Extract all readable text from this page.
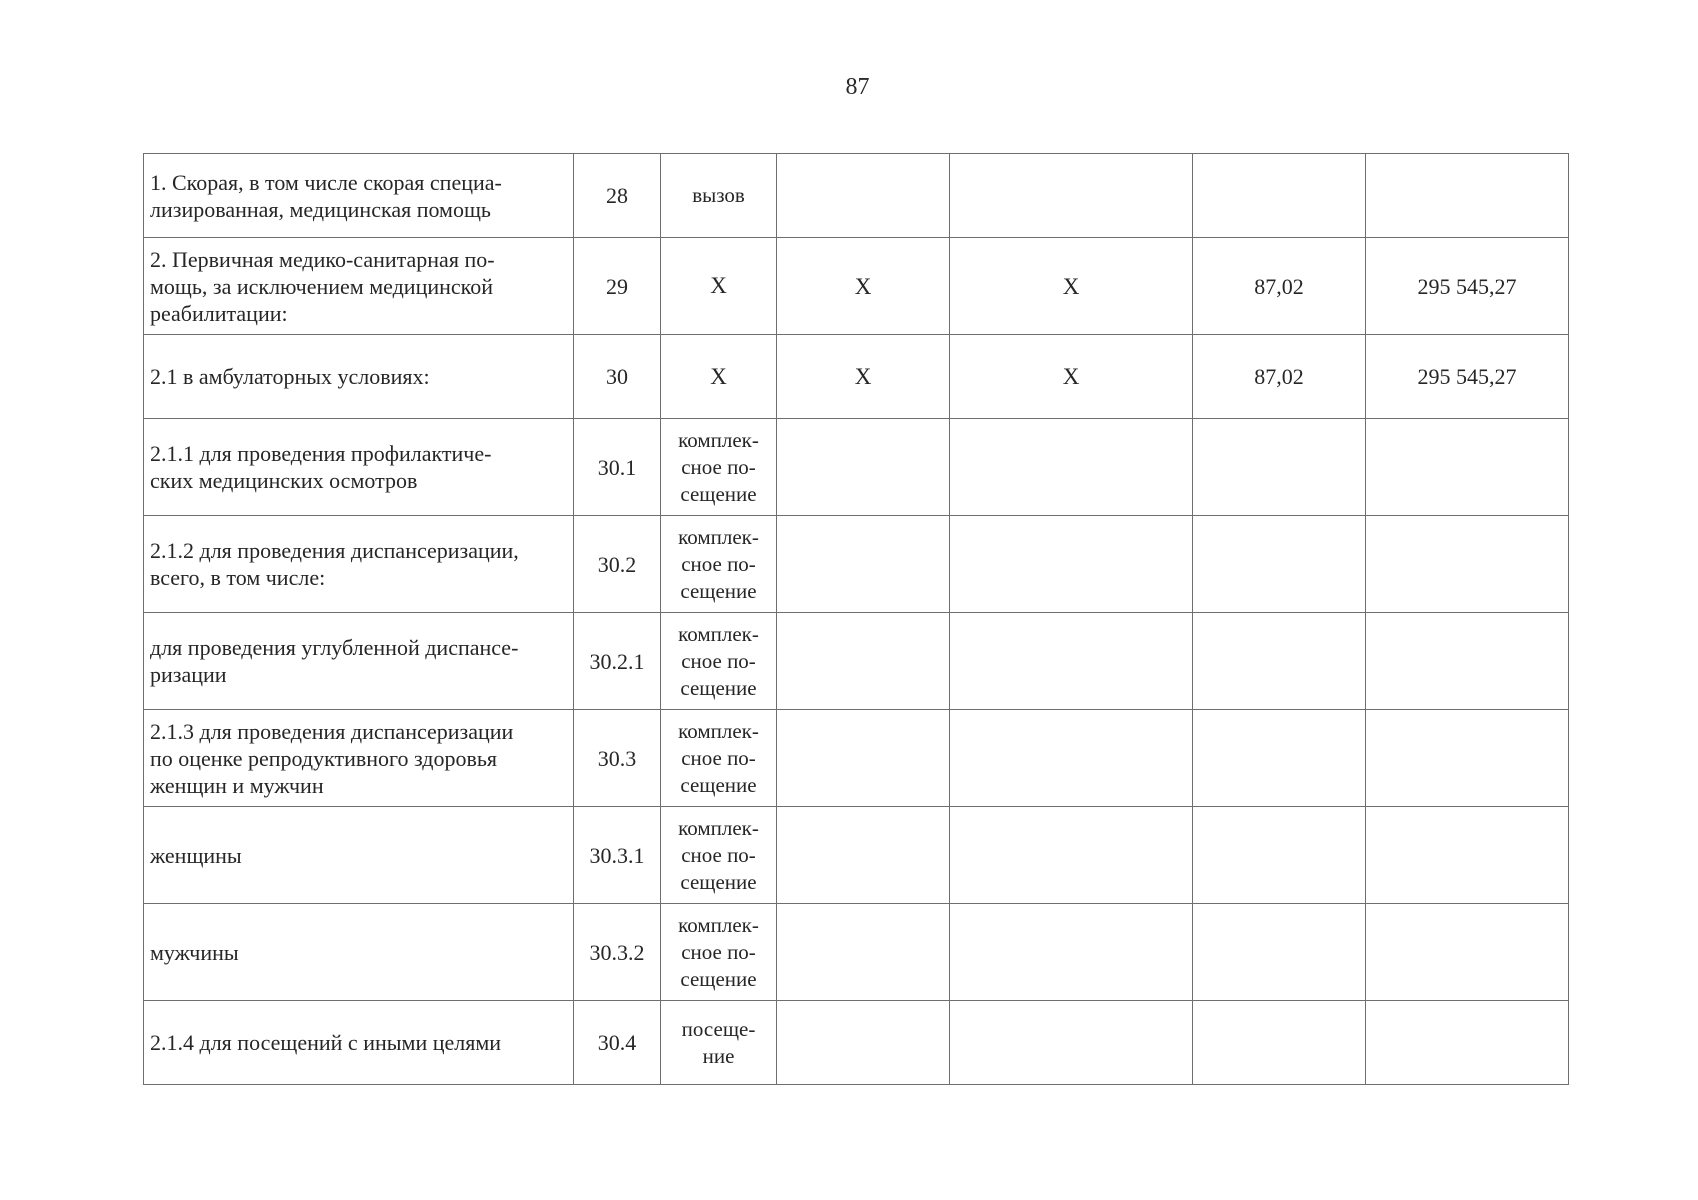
87
1. Скорая, в том числе скорая специа-
лизированная, медицинская помощь	28	вызов				
2. Первичная медико-санитарная по-
мощь, за исключением медицинской
реабилитации:	29	Х	Х	Х	87,02	295 545,27
2.1 в амбулаторных условиях:	30	Х	Х	Х	87,02	295 545,27
2.1.1 для проведения профилактиче-
ских медицинских осмотров	30.1	комплек-
сное по-
сещение				
2.1.2 для проведения диспансеризации,
всего, в том числе:	30.2	комплек-
сное по-
сещение				
для проведения углубленной диспансе-
ризации	30.2.1	комплек-
сное по-
сещение				
2.1.3 для проведения диспансеризации
по оценке репродуктивного здоровья
женщин и мужчин	30.3	комплек-
сное по-
сещение				
женщины	30.3.1	комплек-
сное по-
сещение				
мужчины	30.3.2	комплек-
сное по-
сещение				
2.1.4 для посещений с иными целями	30.4	посеще-
ние				
